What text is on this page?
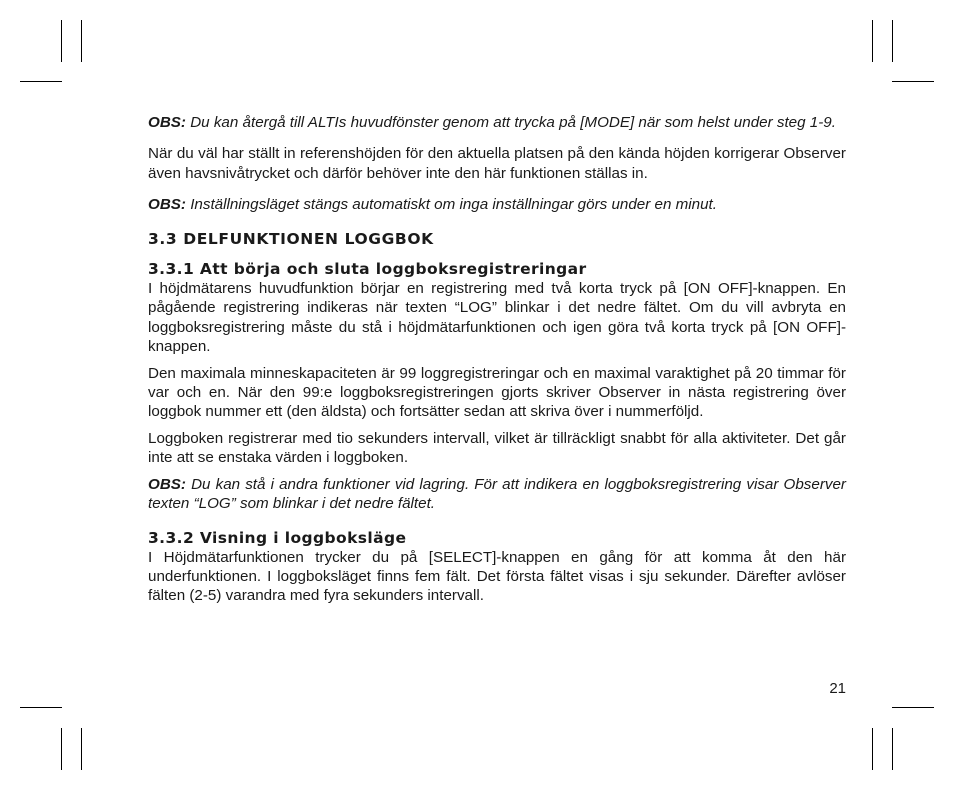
OBS: Du kan återgå till ALTIs huvudfönster genom att trycka på [MODE] när som helst under steg 1-9.

När du väl har ställt in referenshöjden för den aktuella platsen på den kända höjden korrigerar Observer även havsnivåtrycket och därför behöver inte den här funktionen ställas in.

OBS: Inställningsläget stängs automatiskt om inga inställningar görs under en minut.

3.3 DELFUNKTIONEN LOGGBOK
3.3.1 Att börja och sluta loggboksregistreringar

I höjdmätarens huvudfunktion börjar en registrering med två korta tryck på [ON OFF]-knappen. En pågående registrering indikeras när texten “LOG” blinkar i det nedre fältet. Om du vill avbryta en loggboksregistrering måste du stå i höjdmätarfunktionen och igen göra två korta tryck på [ON OFF]-knappen.

Den maximala minneskapaciteten är 99 loggregistreringar och en maximal varaktighet på 20 timmar för var och en. När den 99:e loggboksregistreringen gjorts skriver Observer in nästa registrering över loggbok nummer ett (den äldsta) och fortsätter sedan att skriva över i nummerföljd.

Loggboken registrerar med tio sekunders intervall, vilket är tillräckligt snabbt för alla aktiviteter. Det går inte att se enstaka värden i loggboken.

OBS: Du kan stå i andra funktioner vid lagring. För att indikera en loggboksregistrering visar Observer texten “LOG” som blinkar i det nedre fältet.

3.3.2 Visning i loggboksläge

I Höjdmätarfunktionen trycker du på [SELECT]-knappen en gång för att komma åt den här underfunktionen. I loggboksläget finns fem fält. Det första fältet visas i sju sekunder. Därefter avlöser fälten (2-5) varandra med fyra sekunders intervall.

21
